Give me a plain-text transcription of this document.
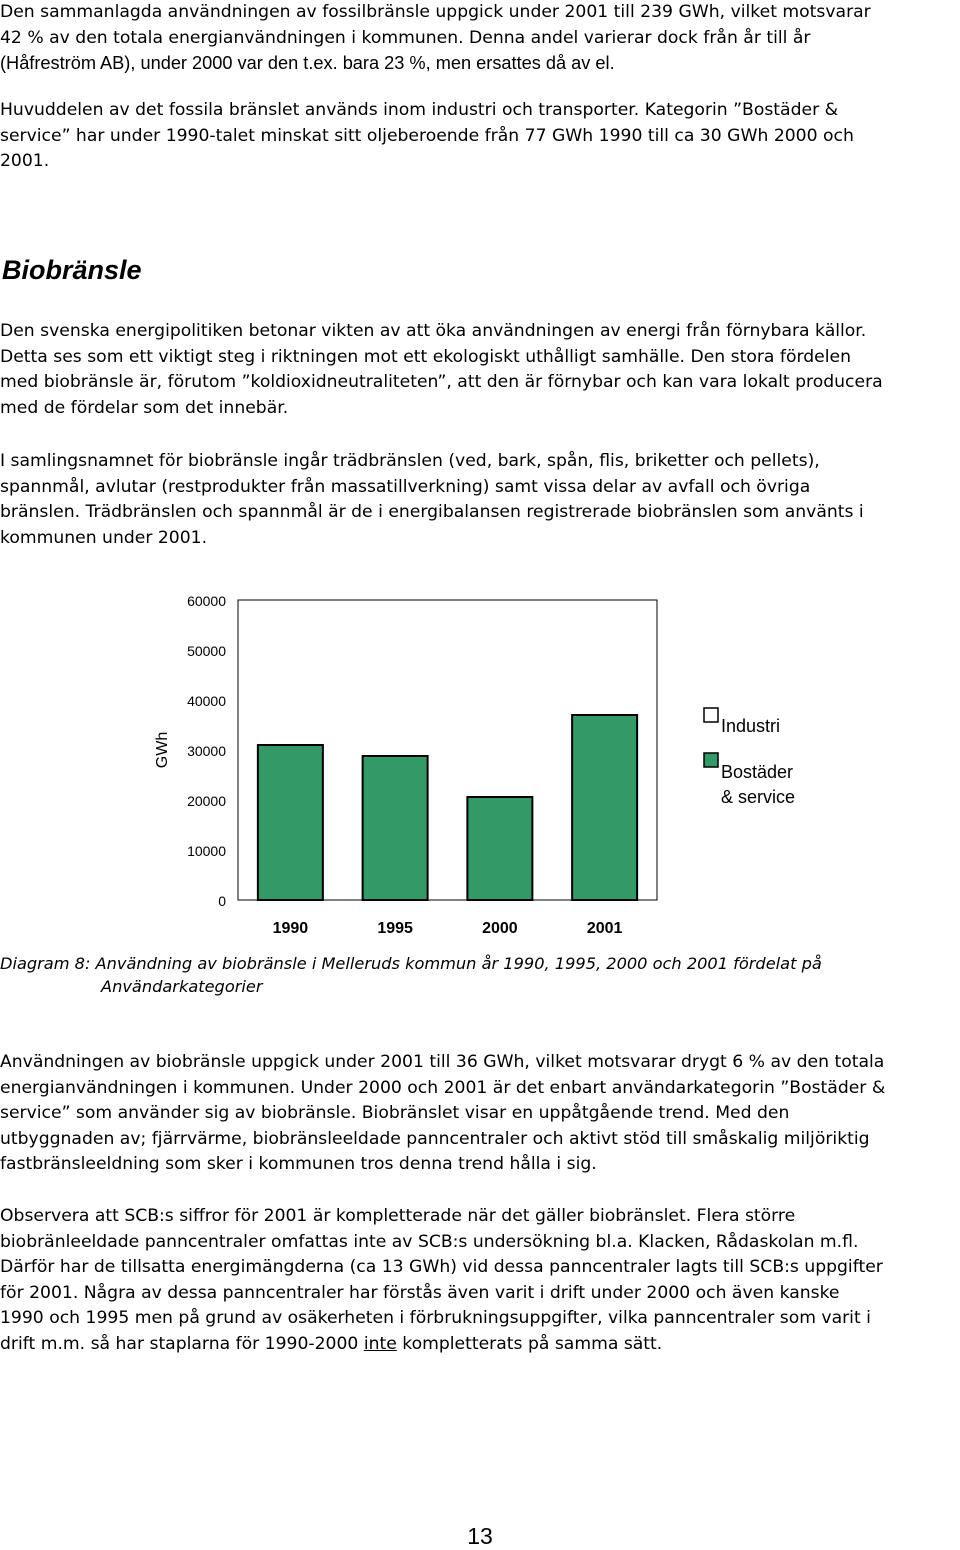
Den sammanlagda användningen av fossilbränsle uppgick under 2001 till 239 GWh, vilket motsvarar
42 % av den totala energianvändningen i kommunen. Denna andel varierar dock från år till år
(Håfreström AB), under 2000 var den t.ex. bara 23 %, men ersattes då av el.
Huvuddelen av det fossila bränslet används inom industri och transporter. Kategorin ”Bostäder &
service” har under 1990-talet minskat sitt oljeberoende från 77 GWh 1990 till ca 30 GWh 2000 och
2001.
Biobränsle
Den svenska energipolitiken betonar vikten av att öka användningen av energi från förnybara källor.
Detta ses som ett viktigt steg i riktningen mot ett ekologiskt uthålligt samhälle. Den stora fördelen
med biobränsle är, förutom ”koldioxidneutraliteten”, att den är förnybar och kan vara lokalt producera
med de fördelar som det innebär.
I samlingsnamnet för biobränsle ingår trädbränslen (ved, bark, spån, flis, briketter och pellets),
spannmål, avlutar (restprodukter från massatillverkning) samt vissa delar av avfall och övriga
bränslen. Trädbränslen och spannmål är de i energibalansen registrerade biobränslen som använts i
kommunen under 2001.
60000
50000
40000
30000
20000
10000
0
GWh
1990	1995	2000	2001
Industri
Bostäder
& service
Diagram 8: Användning av biobränsle i Melleruds kommun år 1990, 1995, 2000 och 2001 fördelat på
Användarkategorier
Användningen av biobränsle uppgick under 2001 till 36 GWh, vilket motsvarar drygt 6 % av den totala
energianvändningen i kommunen. Under 2000 och 2001 är det enbart användarkategorin ”Bostäder &
service” som använder sig av biobränsle. Biobränslet visar en uppåtgående trend. Med den
utbyggnaden av; fjärrvärme, biobränsleeldade panncentraler och aktivt stöd till småskalig miljöriktig
fastbränsleeldning som sker i kommunen tros denna trend hålla i sig.
Observera att SCB:s siffror för 2001 är kompletterade när det gäller biobränslet. Flera större
biobränleeldade panncentraler omfattas inte av SCB:s undersökning bl.a. Klacken, Rådaskolan m.fl.
Därför har de tillsatta energimängderna (ca 13 GWh) vid dessa panncentraler lagts till SCB:s uppgifter
för 2001. Några av dessa panncentraler har förstås även varit i drift under 2000 och även kanske
1990 och 1995 men på grund av osäkerheten i förbrukningsuppgifter, vilka panncentraler som varit i
drift m.m. så har staplarna för 1990-2000 inte kompletterats på samma sätt.
13
